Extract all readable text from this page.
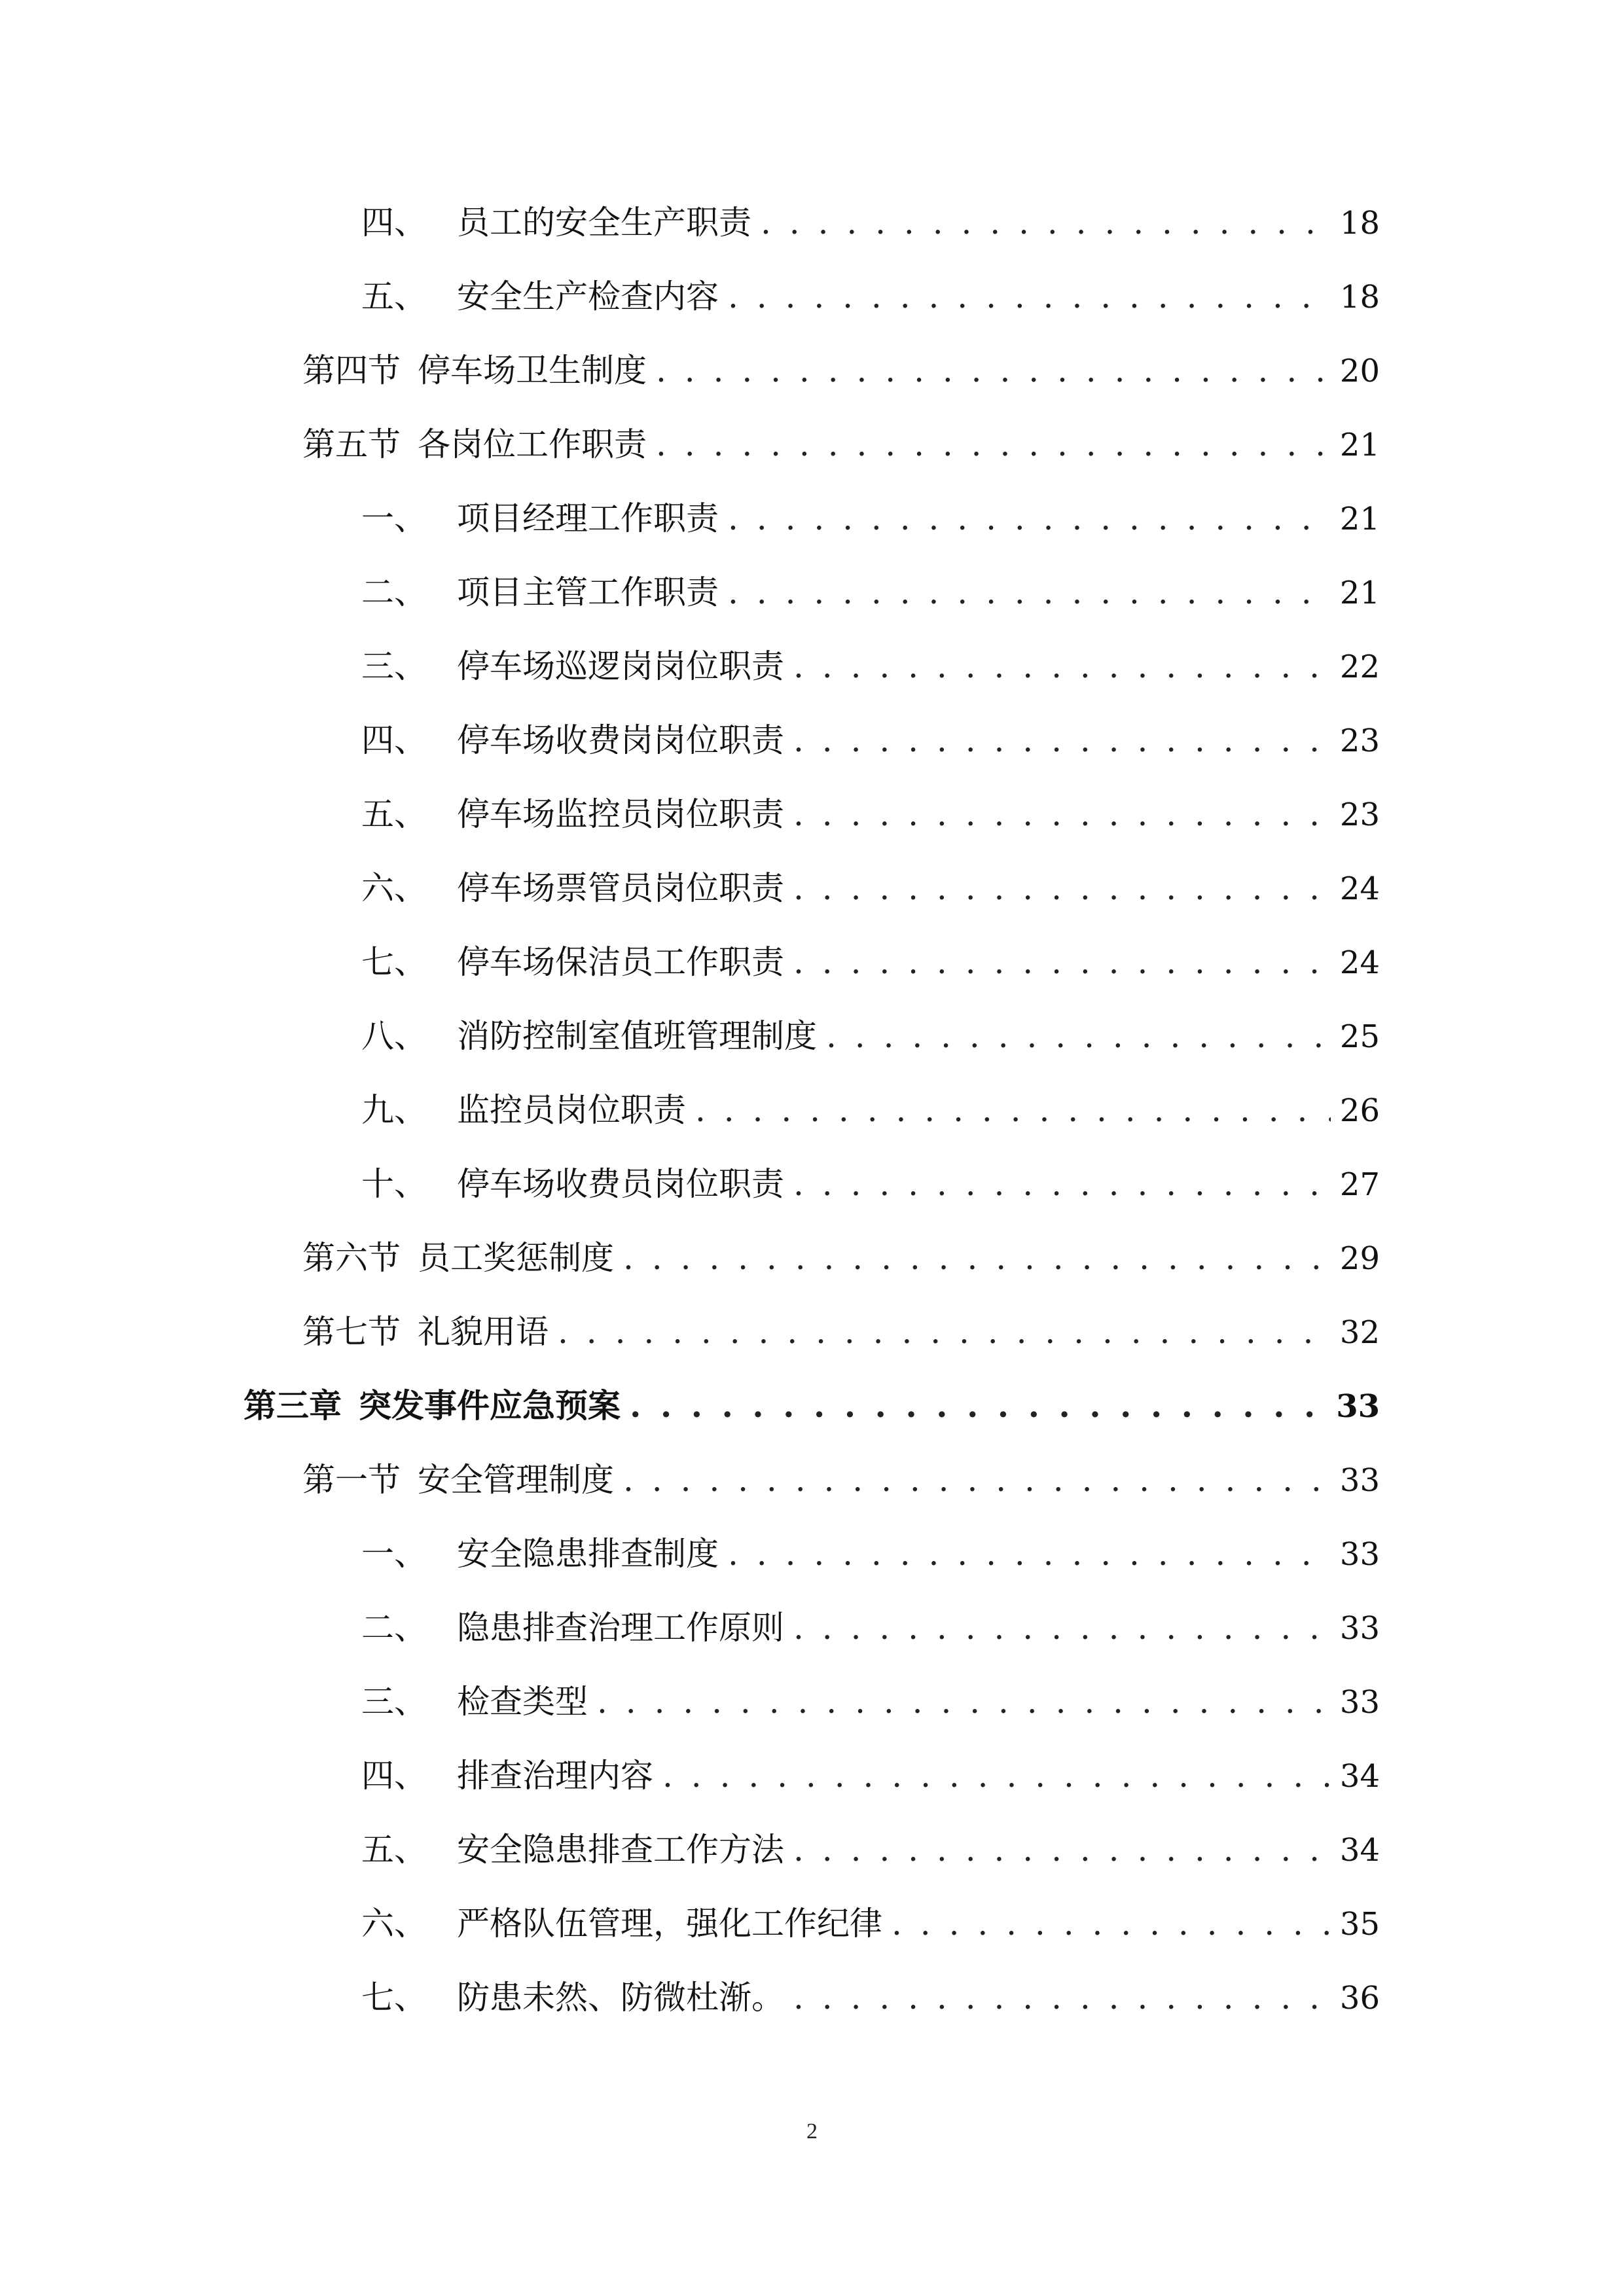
四、 员工的安全生产职责 . . .	18
五、 安全生产检查内容 . . .	18
第四节 停车场卫生制度 . . .	20
第五节 各岗位工作职责 . . .	21
一、 项目经理工作职责 . . .	21
二、 项目主管工作职责 . . .	21
三、 停车场巡逻岗岗位职责 . . .	22
四、 停车场收费岗岗位职责 . . .	23
五、 停车场监控员岗位职责 . . .	23
六、 停车场票管员岗位职责 . . .	24
七、 停车场保洁员工作职责 . . .	24
八、 消防控制室值班管理制度 . . .	25
九、 监控员岗位职责 . . .	26
十、 停车场收费员岗位职责 . . .	27
第六节 员工奖惩制度 . . .	29
第七节 礼貌用语 . . .	32
第三章 突发事件应急预案 . . .	33
第一节 安全管理制度 . . .	33
一、 安全隐患排查制度 . . .	33
二、 隐患排查治理工作原则 . . .	33
三、 检查类型 . . .	33
四、 排查治理内容 . . .	34
五、 安全隐患排查工作方法 . . .	34
六、 严格队伍管理，强化工作纪律 . . .	35
七、 防患未然、防微杜渐。 . . .	36
2
